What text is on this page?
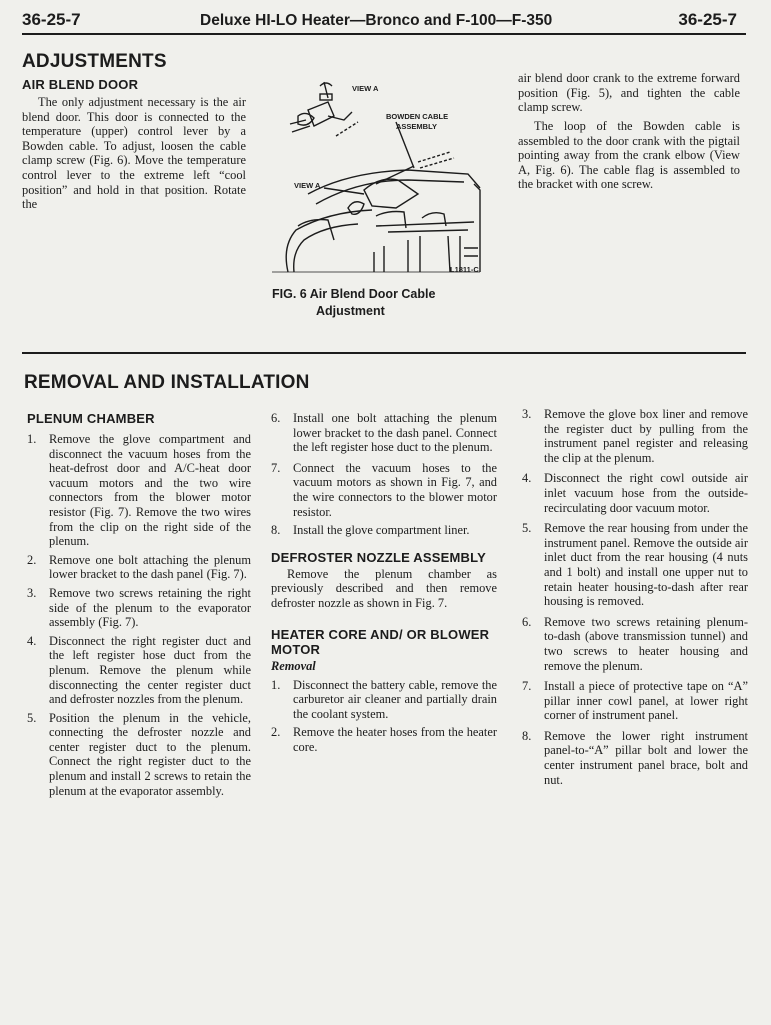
36-25-7	Deluxe HI-LO Heater—Bronco and F-100—F-350	36-25-7
ADJUSTMENTS
AIR BLEND DOOR

The only adjustment necessary is the air blend door. This door is connected to the temperature (upper) control lever by a Bowden cable. To adjust, loosen the cable clamp screw (Fig. 6). Move the temperature control lever to the extreme left “cool position” and hold in that position. Rotate the

VIEW A
BOWDEN CABLE
ASSEMBLY
VIEW A
L1811-C
FIG. 6 Air Blend Door Cable
Adjustment

air blend door crank to the extreme forward position (Fig. 5), and tighten the cable clamp screw.

The loop of the Bowden cable is assembled to the door crank with the pigtail pointing away from the crank elbow (View A, Fig. 6). The cable flag is assembled to the bracket with one screw.

REMOVAL AND INSTALLATION
PLENUM CHAMBER
1.	Remove the glove compartment and disconnect the vacuum hoses from the heat-defrost door and A/C-heat door vacuum motors and the two wire connectors from the blower motor resistor (Fig. 7). Remove the two wires from the clip on the right side of the plenum.
2.	Remove one bolt attaching the plenum lower bracket to the dash panel (Fig. 7).
3.	Remove two screws retaining the right side of the plenum to the evaporator assembly (Fig. 7).
4.	Disconnect the right register duct and the left register hose duct from the plenum. Remove the plenum while disconnecting the center register duct and defroster nozzles from the plenum.
5.	Position the plenum in the vehicle, connecting the defroster nozzle and center register duct to the plenum. Connect the right register duct to the plenum and install 2 screws to retain the plenum at the evaporator assembly.
6.	Install one bolt attaching the plenum lower bracket to the dash panel. Connect the left register hose duct to the plenum.
7.	Connect the vacuum hoses to the vacuum motors as shown in Fig. 7, and the wire connectors to the blower motor resistor.
8.	Install the glove compartment liner.
DEFROSTER NOZZLE ASSEMBLY

Remove the plenum chamber as previously described and then remove defroster nozzle as shown in Fig. 7.

HEATER CORE AND/ OR BLOWER
MOTOR
Removal
1.	Disconnect the battery cable, remove the carburetor air cleaner and partially drain the coolant system.
2.	Remove the heater hoses from the heater core.
3.	Remove the glove box liner and remove the register duct by pulling from the instrument panel register and releasing the clip at the plenum.
4.	Disconnect the right cowl outside air inlet vacuum hose from the outside-recirculating door vacuum motor.
5.	Remove the rear housing from under the instrument panel. Remove the outside air inlet duct from the rear housing (4 nuts and 1 bolt) and install one upper nut to retain heater housing-to-dash after rear housing is removed.
6.	Remove two screws retaining plenum-to-dash (above transmission tunnel) and two screws to heater housing and remove the plenum.
7.	Install a piece of protective tape on “A” pillar inner cowl panel, at lower right corner of instrument panel.
8.	Remove the lower right instrument panel-to-“A” pillar bolt and lower the center instrument panel brace, bolt and nut.
